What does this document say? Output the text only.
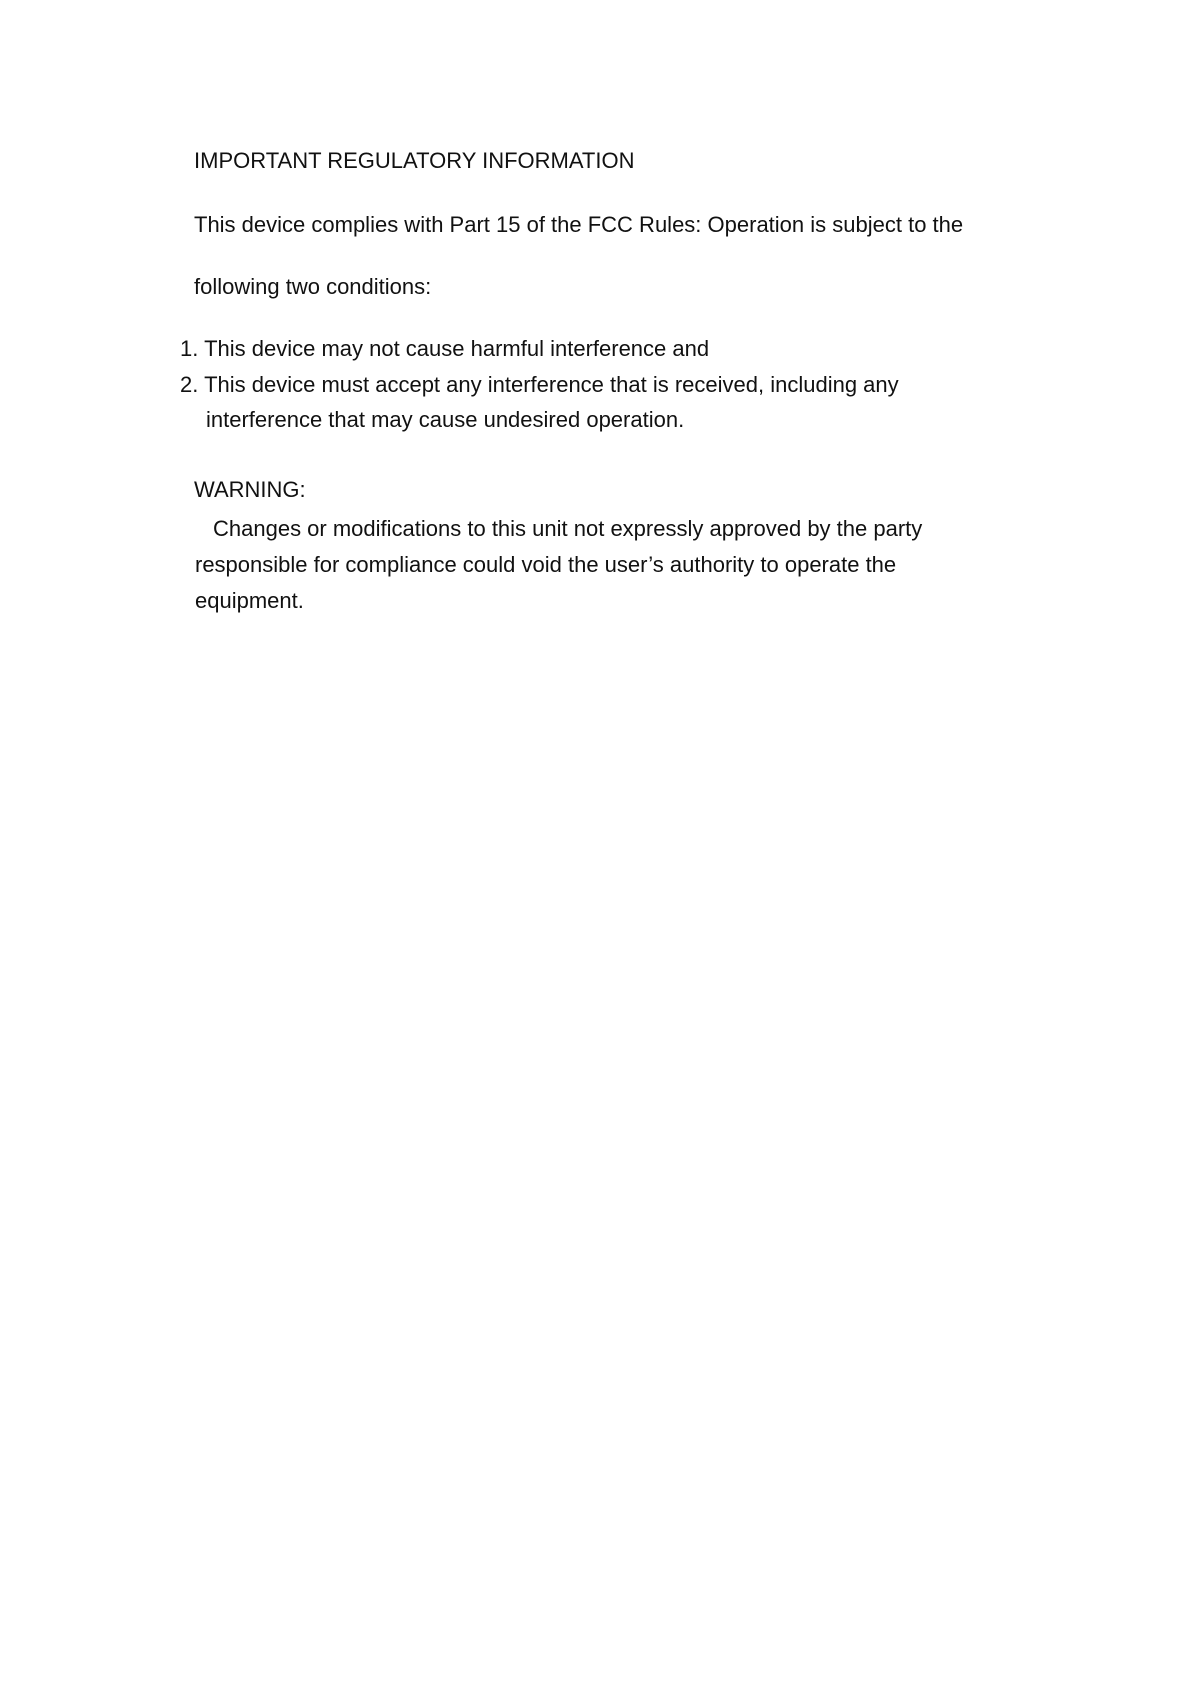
IMPORTANT REGULATORY INFORMATION
This device complies with Part 15 of the FCC Rules: Operation is subject to the
following two conditions:
1. This device may not cause harmful interference and
2. This device must accept any interference that is received, including any
interference that may cause undesired operation.
WARNING:
Changes or modifications to this unit not expressly approved by the party
responsible for compliance could void the user’s authority to operate the
equipment.
